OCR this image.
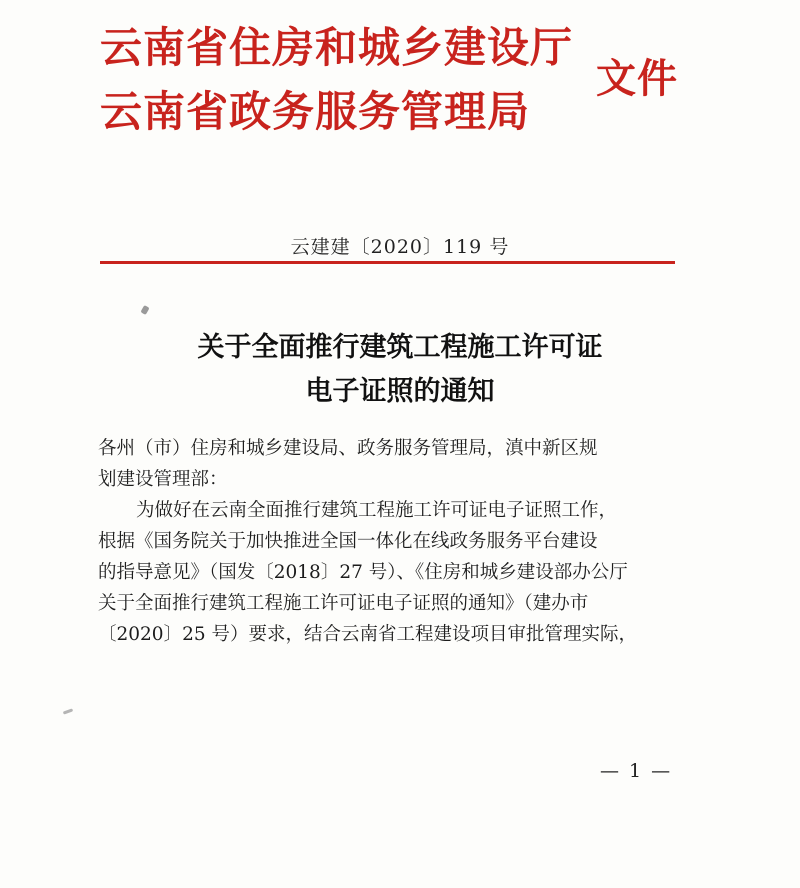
云南省住房和城乡建设厅
云南省政务服务管理局
文件
云建建〔2020〕119 号
关于全面推行建筑工程施工许可证
电子证照的通知

各州（市）住房和城乡建设局、政务服务管理局，滇中新区规
划建设管理部：

为做好在云南全面推行建筑工程施工许可证电子证照工作，
根据《国务院关于加快推进全国一体化在线政务服务平台建设
的指导意见》（国发〔2018〕27 号）、《住房和城乡建设部办公厅
关于全面推行建筑工程施工许可证电子证照的通知》（建办市
〔2020〕25 号）要求，结合云南省工程建设项目审批管理实际，

— 1 —
